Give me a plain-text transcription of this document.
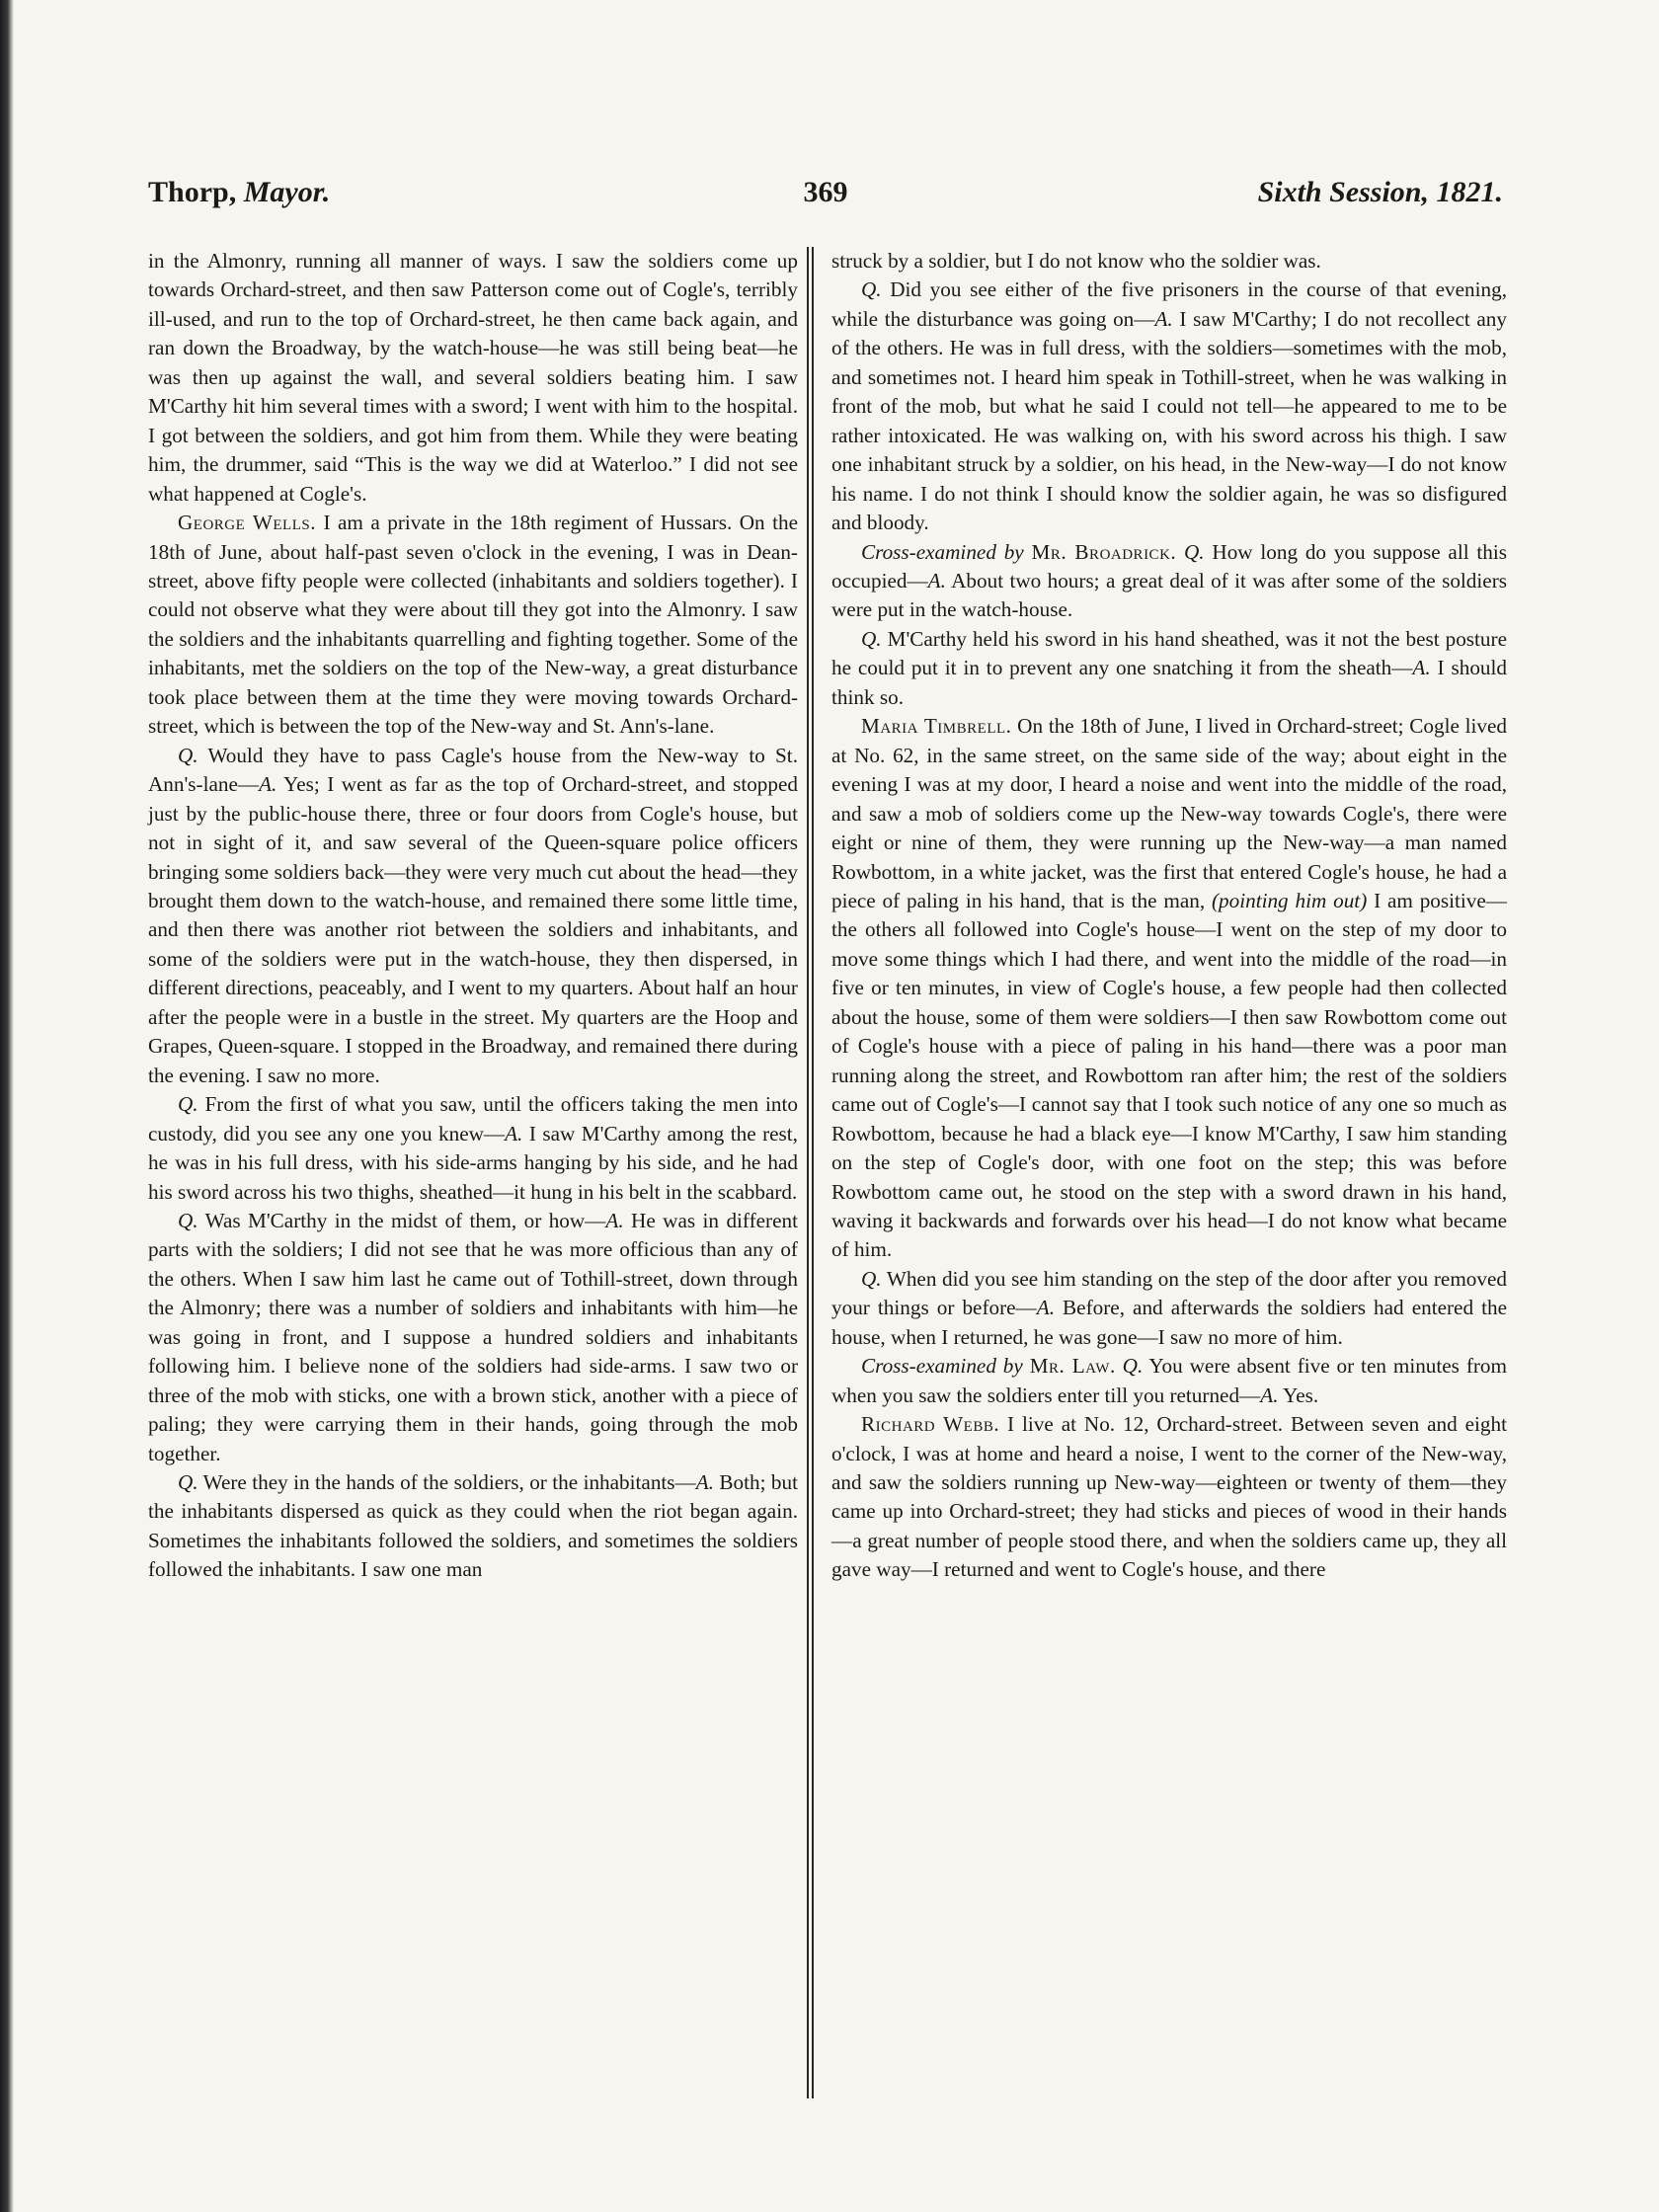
Thorp, Mayor.	369	Sixth Session, 1821.

in the Almonry, running all manner of ways. I saw the soldiers come up towards Orchard-street, and then saw Patterson come out of Cogle's, terribly ill-used, and run to the top of Orchard-street, he then came back again, and ran down the Broadway, by the watch-house—he was still being beat—he was then up against the wall, and several soldiers beating him. I saw M'Carthy hit him several times with a sword; I went with him to the hospital. I got between the soldiers, and got him from them. While they were beating him, the drummer, said “This is the way we did at Waterloo.” I did not see what happened at Cogle's.

George Wells. I am a private in the 18th regiment of Hussars. On the 18th of June, about half-past seven o'clock in the evening, I was in Dean-street, above fifty people were collected (inhabitants and soldiers together). I could not observe what they were about till they got into the Almonry. I saw the soldiers and the inhabitants quarrelling and fighting together. Some of the inhabitants, met the soldiers on the top of the New-way, a great disturbance took place between them at the time they were moving towards Orchard-street, which is between the top of the New-way and St. Ann's-lane.

Q. Would they have to pass Cagle's house from the New-way to St. Ann's-lane—A. Yes; I went as far as the top of Orchard-street, and stopped just by the public-house there, three or four doors from Cogle's house, but not in sight of it, and saw several of the Queen-square police officers bringing some soldiers back—they were very much cut about the head—they brought them down to the watch-house, and remained there some little time, and then there was another riot between the soldiers and inhabitants, and some of the soldiers were put in the watch-house, they then dispersed, in different directions, peaceably, and I went to my quarters. About half an hour after the people were in a bustle in the street. My quarters are the Hoop and Grapes, Queen-square. I stopped in the Broadway, and remained there during the evening. I saw no more.

Q. From the first of what you saw, until the officers taking the men into custody, did you see any one you knew—A. I saw M'Carthy among the rest, he was in his full dress, with his side-arms hanging by his side, and he had his sword across his two thighs, sheathed—it hung in his belt in the scabbard.

Q. Was M'Carthy in the midst of them, or how—A. He was in different parts with the soldiers; I did not see that he was more officious than any of the others. When I saw him last he came out of Tothill-street, down through the Almonry; there was a number of soldiers and inhabitants with him—he was going in front, and I suppose a hundred soldiers and inhabitants following him. I believe none of the soldiers had side-arms. I saw two or three of the mob with sticks, one with a brown stick, another with a piece of paling; they were carrying them in their hands, going through the mob together.

Q. Were they in the hands of the soldiers, or the inhabitants—A. Both; but the inhabitants dispersed as quick as they could when the riot began again. Sometimes the inhabitants followed the soldiers, and sometimes the soldiers followed the inhabitants. I saw one man

struck by a soldier, but I do not know who the soldier was.

Q. Did you see either of the five prisoners in the course of that evening, while the disturbance was going on—A. I saw M'Carthy; I do not recollect any of the others. He was in full dress, with the soldiers—sometimes with the mob, and sometimes not. I heard him speak in Tothill-street, when he was walking in front of the mob, but what he said I could not tell—he appeared to me to be rather intoxicated. He was walking on, with his sword across his thigh. I saw one inhabitant struck by a soldier, on his head, in the New-way—I do not know his name. I do not think I should know the soldier again, he was so disfigured and bloody.

Cross-examined by Mr. Broadrick. Q. How long do you suppose all this occupied—A. About two hours; a great deal of it was after some of the soldiers were put in the watch-house.

Q. M'Carthy held his sword in his hand sheathed, was it not the best posture he could put it in to prevent any one snatching it from the sheath—A. I should think so.

Maria Timbrell. On the 18th of June, I lived in Orchard-street; Cogle lived at No. 62, in the same street, on the same side of the way; about eight in the evening I was at my door, I heard a noise and went into the middle of the road, and saw a mob of soldiers come up the New-way towards Cogle's, there were eight or nine of them, they were running up the New-way—a man named Rowbottom, in a white jacket, was the first that entered Cogle's house, he had a piece of paling in his hand, that is the man, (pointing him out) I am positive—the others all followed into Cogle's house—I went on the step of my door to move some things which I had there, and went into the middle of the road—in five or ten minutes, in view of Cogle's house, a few people had then collected about the house, some of them were soldiers—I then saw Rowbottom come out of Cogle's house with a piece of paling in his hand—there was a poor man running along the street, and Rowbottom ran after him; the rest of the soldiers came out of Cogle's—I cannot say that I took such notice of any one so much as Rowbottom, because he had a black eye—I know M'Carthy, I saw him standing on the step of Cogle's door, with one foot on the step; this was before Rowbottom came out, he stood on the step with a sword drawn in his hand, waving it backwards and forwards over his head—I do not know what became of him.

Q. When did you see him standing on the step of the door after you removed your things or before—A. Before, and afterwards the soldiers had entered the house, when I returned, he was gone—I saw no more of him.

Cross-examined by Mr. Law. Q. You were absent five or ten minutes from when you saw the soldiers enter till you returned—A. Yes.

Richard Webb. I live at No. 12, Orchard-street. Between seven and eight o'clock, I was at home and heard a noise, I went to the corner of the New-way, and saw the soldiers running up New-way—eighteen or twenty of them—they came up into Orchard-street; they had sticks and pieces of wood in their hands—a great number of people stood there, and when the soldiers came up, they all gave way—I returned and went to Cogle's house, and there
